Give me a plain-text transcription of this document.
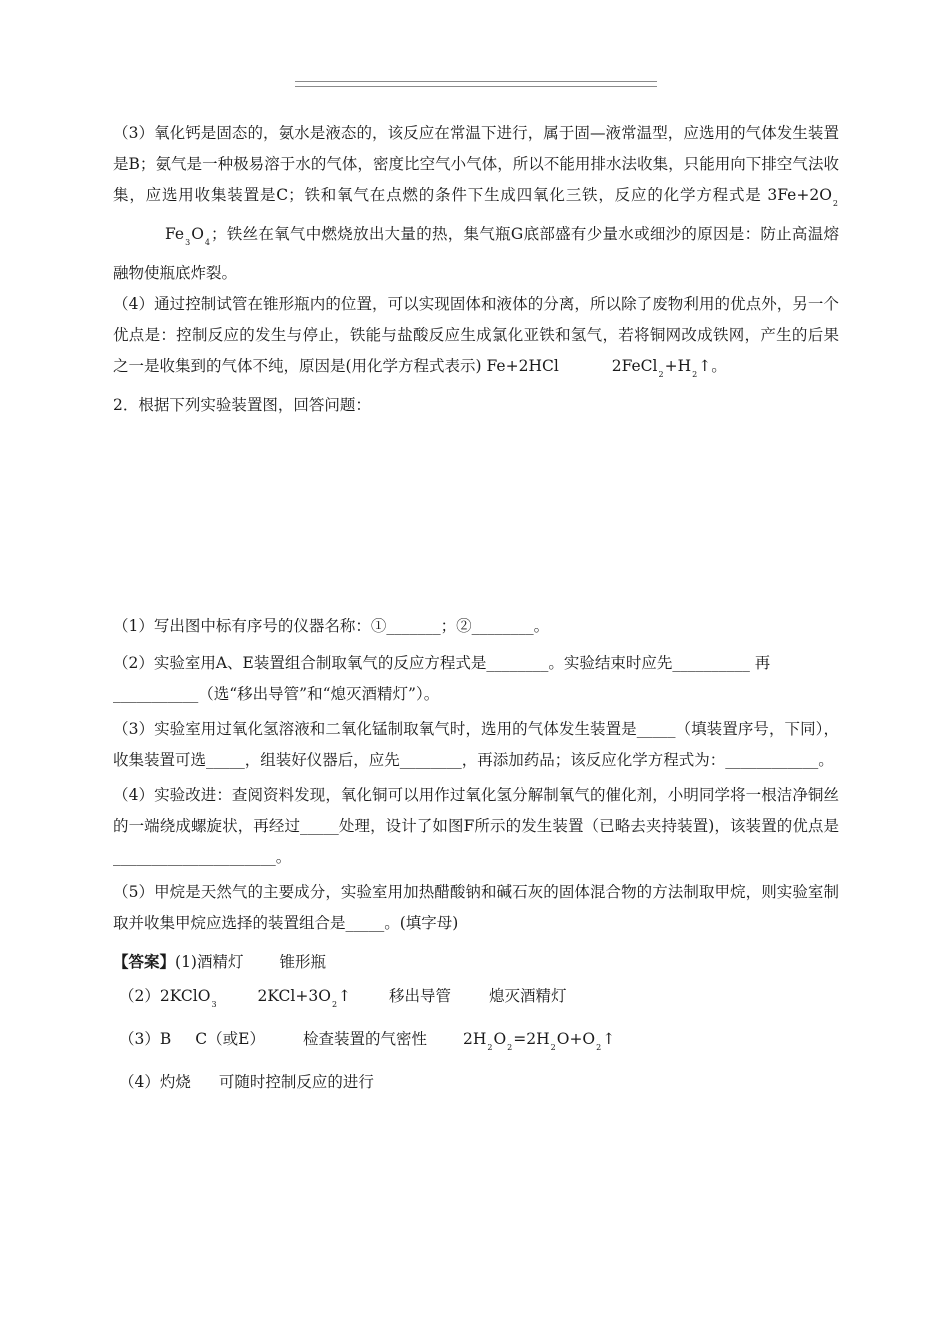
（3）氧化钙是固态的，氨水是液态的，该反应在常温下进行，属于固—液常温型，应选用的气体发生装置是B；氨气是一种极易溶于水的气体，密度比空气小气体，所以不能用排水法收集，只能用向下排空气法收集，应选用收集装置是C；铁和氧气在点燃的条件下生成四氧化三铁，反应的化学方程式是 $3Fe+2O_2Fe_3O_4$；铁丝在氧气中燃烧放出大量的热，集气瓶G底部盛有少量水或细沙的原因是：防止高温熔融物使瓶底炸裂。

（4）通过控制试管在锥形瓶内的位置，可以实现固体和液体的分离，所以除了废物利用的优点外，另一个优点是：控制反应的发生与停止，铁能与盐酸反应生成氯化亚铁和氢气，若将铜网改成铁网，产生的后果之一是收集到的气体不纯，原因是(用化学方程式表示) Fe+2HCl	$2FeCl_2+H_2↑$。

2．根据下列实验装置图，回答问题：

（1）写出图中标有序号的仪器名称：①_______；②________。

（2）实验室用A、E装置组合制取氧气的反应方程式是________。实验结束时应先__________ 再

___________（选“移出导管”和“熄灭酒精灯”）。

（3）实验室用过氧化氢溶液和二氧化锰制取氧气时，选用的气体发生装置是_____（填装置序号，下同），收集装置可选_____，组装好仪器后，应先________，再添加药品；该反应化学方程式为：____________。

（4）实验改进：查阅资料发现，氧化铜可以用作过氧化氢分解制氧气的催化剂，小明同学将一根洁净铜丝的一端绕成螺旋状，再经过_____处理，设计了如图F所示的发生装置（已略去夹持装置)，该装置的优点是_____________________。

（5）甲烷是天然气的主要成分，实验室用加热醋酸钠和碱石灰的固体混合物的方法制取甲烷，则实验室制取并收集甲烷应选择的装置组合是_____。(填字母)

【答案】(1)酒精灯 锥形瓶
（2）2KClO$_3$	$2KCl+3O_2↑$ 移出导管 熄灭酒精灯
（3）B C（或E） 检查装置的气密性 $2H_2O_2=2H_2O+O_2↑$
（4）灼烧 可随时控制反应的进行
